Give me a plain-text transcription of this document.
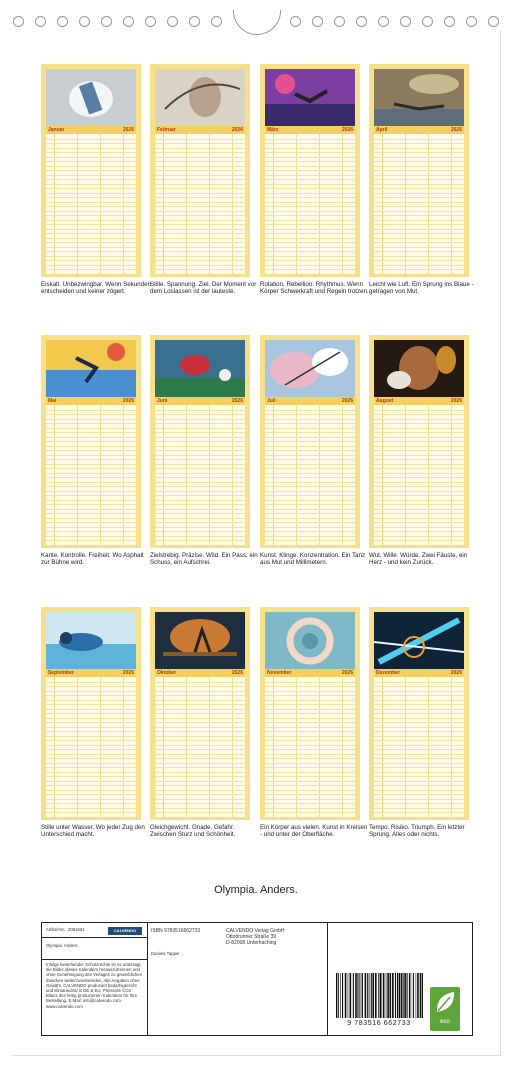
Januar	2026
Eiskalt. Unbezwingbar. Wenn Sekunden entscheiden und keiner zögert.
Februar	2026
Stille. Spannung. Ziel. Der Moment vor dem Loslassen ist der lauteste.
März	2026
Rotation. Rebellion. Rhythmus. Wenn Körper Schwerkraft und Regeln trotzen.
April	2026
Leicht wie Luft. Ein Sprung ins Blaue - getragen von Mut.
Mai	2026
Kante. Kontrolle. Freiheit. Wo Asphalt zur Bühne wird.
Juni	2026
Zielstrebig. Präzise. Wild. Ein Pass, ein Schuss, ein Aufschrei.
Juli	2026
Kunst. Klinge. Konzentration. Ein Tanz aus Mut und Millimetern.
August	2026
Wut. Wille. Würde. Zwei Fäuste, ein Herz - und kein Zurück.
September	2026
Stille unter Wasser. Wo jeder Zug den Unterschied macht.
Oktober	2026
Gleichgewicht. Gnade. Gefahr. Zwischen Sturz und Schönheit.
November	2026
Ein Körper aus vielen. Kunst in Kreisen - und unter der Oberfläche.
Dezember	2026
Tempo. Risiko. Triumph. Ein letzter Sprung. Alles oder nichts.
Olympia. Anders.
Artikel-Nr. 2081661	CALVENDO
Olympia. Anders.
Infolge bestehender Schutzrechte ist es untersagt, die Bilder dieses Kalenders herauszutrennen und ohne Genehmigung des Verlages zu gewerblichen Zwecken weiterzuverwenden. Alle Angaben ohne Gewähr. CALVENDO produziert bedarfsgerecht und klimaneutral in DE & EU. Preisnote CO2-Bilanz des fertig produzierten Kalenders für Ihre Bestellung. E-Mail: info@calvendo.com · www.calvendo.com
ISBN 9783516662733
Daniela Tapper
CALVENDO Verlag GmbH
Ottobrunner Straße 39
D-82008 Unterhaching
9 783516 662733	eco
